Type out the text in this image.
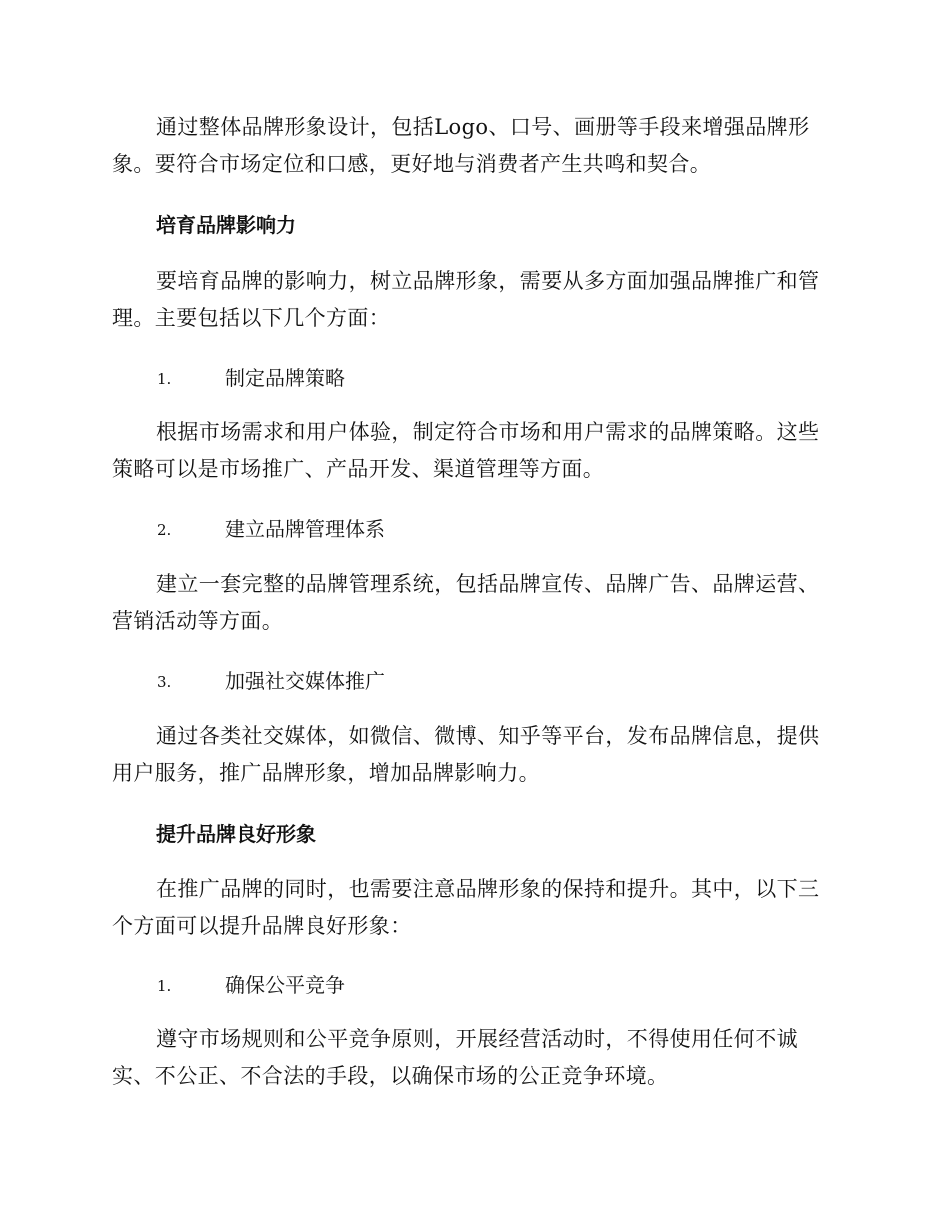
通过整体品牌形象设计，包括Logo、口号、画册等手段来增强品牌形象。要符合市场定位和口感，更好地与消费者产生共鸣和契合。

培育品牌影响力

要培育品牌的影响力，树立品牌形象，需要从多方面加强品牌推广和管理。主要包括以下几个方面：

1.	制定品牌策略

根据市场需求和用户体验，制定符合市场和用户需求的品牌策略。这些策略可以是市场推广、产品开发、渠道管理等方面。

2.	建立品牌管理体系

建立一套完整的品牌管理系统，包括品牌宣传、品牌广告、品牌运营、营销活动等方面。

3.	加强社交媒体推广

通过各类社交媒体，如微信、微博、知乎等平台，发布品牌信息，提供用户服务，推广品牌形象，增加品牌影响力。

提升品牌良好形象

在推广品牌的同时，也需要注意品牌形象的保持和提升。其中，以下三个方面可以提升品牌良好形象：

1.	确保公平竞争

遵守市场规则和公平竞争原则，开展经营活动时，不得使用任何不诚实、不公正、不合法的手段，以确保市场的公正竞争环境。
